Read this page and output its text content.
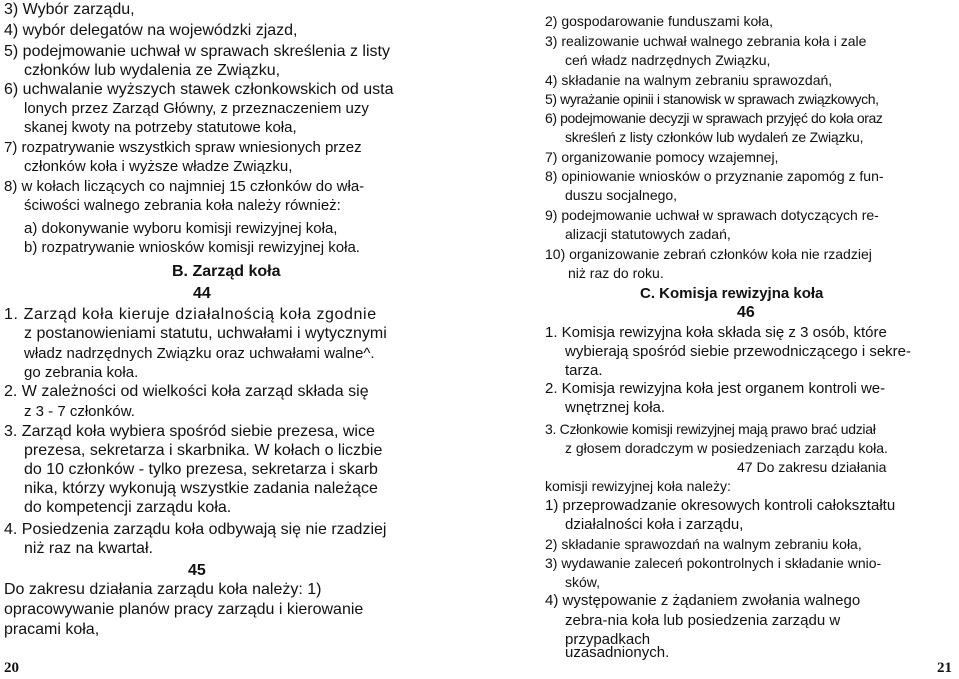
3) Wybór zarządu,
4) wybór delegatów na wojewódzki zjazd,
5) podejmowanie uchwał w sprawach skreślenia z listy
członków lub wydalenia ze Związku,
6) uchwalanie wyższych stawek członkowskich od usta
lonych przez Zarząd Główny, z przeznaczeniem uzy
skanej kwoty na potrzeby statutowe koła,
7) rozpatrywanie wszystkich spraw wniesionych przez
członków koła i wyższe władze Związku,
8) w kołach liczących co najmniej 15 członków do wła-
ściwości walnego zebrania koła należy również:
a) dokonywanie wyboru komisji rewizyjnej koła,
b) rozpatrywanie wniosków komisji rewizyjnej koła.
B. Zarząd koła
44
1. Zarząd koła kieruje działalnością koła zgodnie
z postanowieniami statutu, uchwałami i wytycznymi
władz nadrzędnych Związku oraz uchwałami walne^.
go zebrania koła.
2. W zależności od wielkości koła zarząd składa się
z 3 - 7 członków.
3. Zarząd koła wybiera spośród siebie prezesa, wice
prezesa, sekretarza i skarbnika. W kołach o liczbie
do 10 członków - tylko prezesa, sekretarza i skarb
nika, którzy wykonują wszystkie zadania należące
do kompetencji zarządu koła.
4. Posiedzenia zarządu koła odbywają się nie rzadziej
niż raz na kwartał.
45
Do zakresu działania zarządu koła należy: 1)
opracowywanie planów pracy zarządu i kierowanie
pracami koła,
20
2) gospodarowanie funduszami koła,
3) realizowanie uchwał walnego zebrania koła i zale
ceń władz nadrzędnych Związku,
4) składanie na walnym zebraniu sprawozdań,
5) wyrażanie opinii i stanowisk w sprawach związkowych,
6) podejmowanie decyzji w sprawach przyjęć do koła oraz
skreśleń z listy członków lub wydaleń ze Związku,
7) organizowanie pomocy wzajemnej,
8) opiniowanie wniosków o przyznanie zapomóg z fun-
duszu socjalnego,
9) podejmowanie uchwał w sprawach dotyczących re-
alizacji statutowych zadań,
10) organizowanie zebrań członków koła nie rzadziej
niż raz do roku.
C. Komisja rewizyjna koła
46
1. Komisja rewizyjna koła składa się z 3 osób, które
wybierają spośród siebie przewodniczącego i sekre-
tarza.
2. Komisja rewizyjna koła jest organem kontroli we-
wnętrznej koła.
3. Członkowie komisji rewizyjnej mają prawo brać udział
z głosem doradczym w posiedzeniach zarządu koła.
47 Do zakresu działania
komisji rewizyjnej koła należy:
1) przeprowadzanie okresowych kontroli całokształtu
działalności koła i zarządu,
2) składanie sprawozdań na walnym zebraniu koła,
3) wydawanie zaleceń pokontrolnych i składanie wnio-
sków,
4) występowanie z żądaniem zwołania walnego
zebra-nia koła lub posiedzenia zarządu w
przypadkach
uzasadnionych.
21
